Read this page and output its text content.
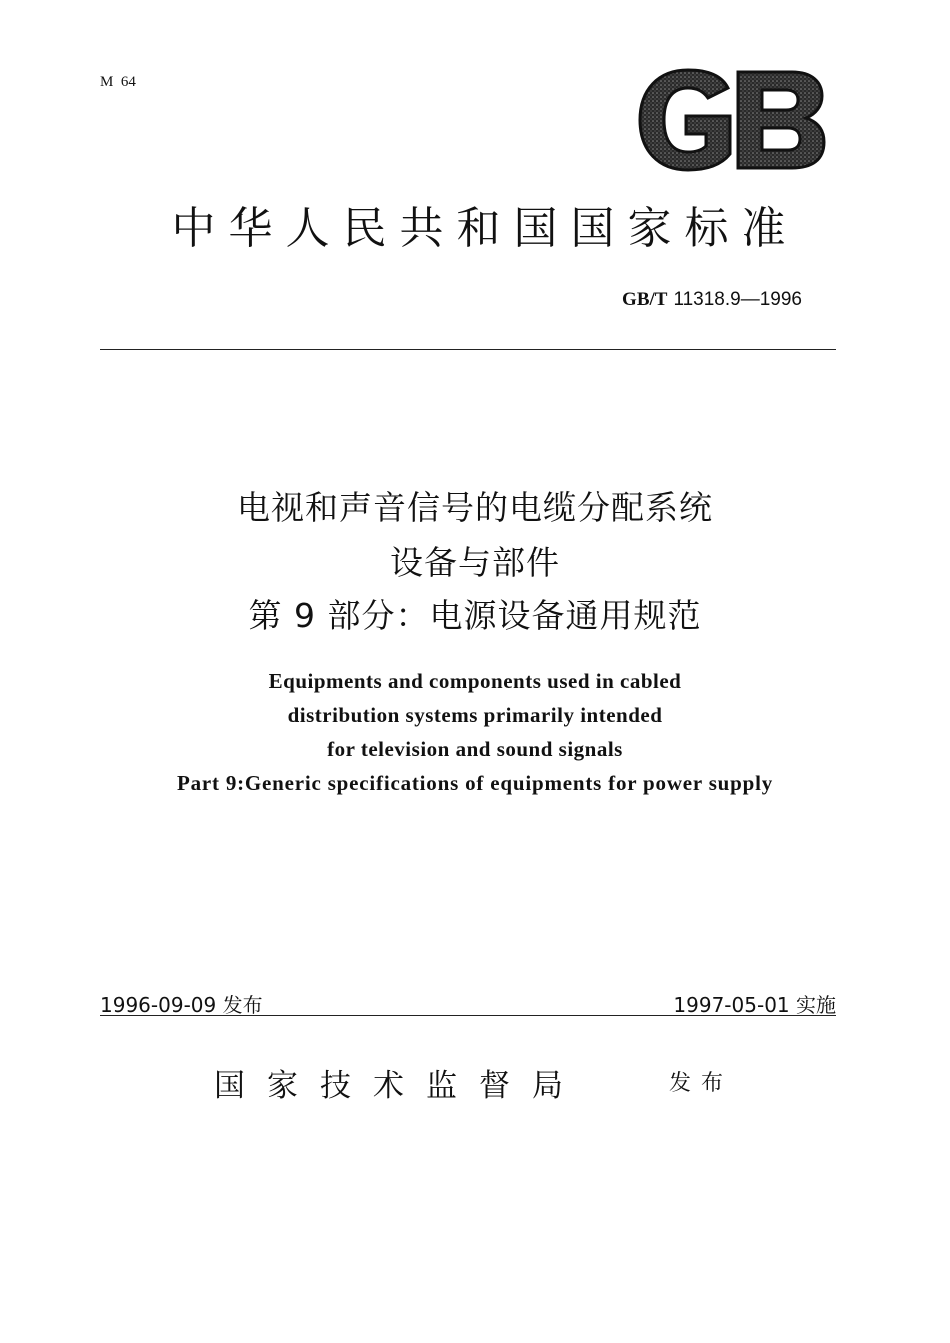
M  64
中华人民共和国国家标准
GB/T 11318.9—1996
电视和声音信号的电缆分配系统
设备与部件
第 9 部分：电源设备通用规范
Equipments and components used in cabled
distribution systems primarily intended
for television and sound signals
Part 9:Generic specifications of equipments for power supply
1996-09-09 发布	1997-05-01 实施
国家技术监督局	发布
